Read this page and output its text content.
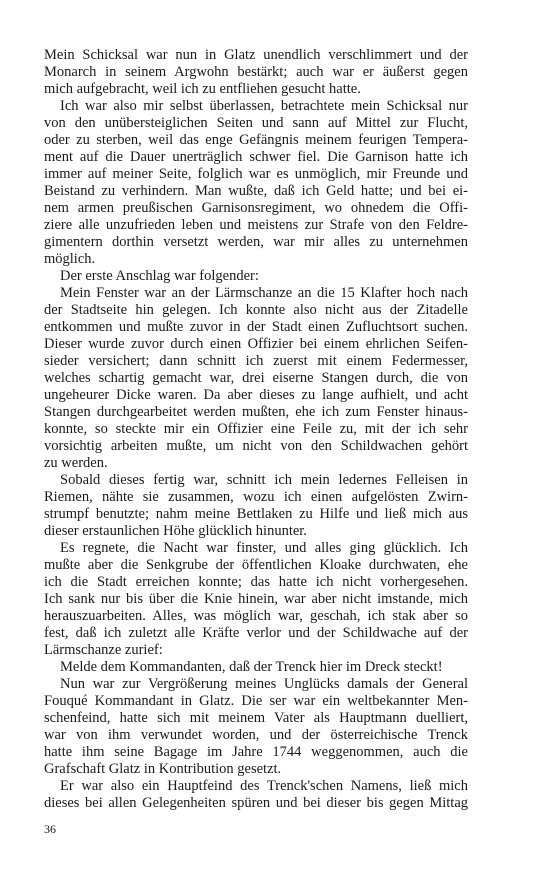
Mein Schicksal war nun in Glatz unendlich verschlimmert und der
Monarch in seinem Argwohn bestärkt; auch war er äußerst gegen
mich aufgebracht, weil ich zu entfliehen gesucht hatte.
Ich war also mir selbst überlassen, betrachtete mein Schicksal nur
von den unübersteiglichen Seiten und sann auf Mittel zur Flucht,
oder zu sterben, weil das enge Gefängnis meinem feurigen Tempera-
ment auf die Dauer unerträglich schwer fiel. Die Garnison hatte ich
immer auf meiner Seite, folglich war es unmöglich, mir Freunde und
Beistand zu verhindern. Man wußte, daß ich Geld hatte; und bei ei-
nem armen preußischen Garnisonsregiment, wo ohnedem die Offi-
ziere alle unzufrieden leben und meistens zur Strafe von den Feldre-
gimentern dorthin versetzt werden, war mir alles zu unternehmen
möglich.
Der erste Anschlag war folgender:
Mein Fenster war an der Lärmschanze an die 15 Klafter hoch nach
der Stadtseite hin gelegen. Ich konnte also nicht aus der Zitadelle
entkommen und mußte zuvor in der Stadt einen Zufluchtsort suchen.
Dieser wurde zuvor durch einen Offizier bei einem ehrlichen Seifen-
sieder versichert; dann schnitt ich zuerst mit einem Federmesser,
welches schartig gemacht war, drei eiserne Stangen durch, die von
ungeheurer Dicke waren. Da aber dieses zu lange aufhielt, und acht
Stangen durchgearbeitet werden mußten, ehe ich zum Fenster hinaus-
konnte, so steckte mir ein Offizier eine Feile zu, mit der ich sehr
vorsichtig arbeiten mußte, um nicht von den Schildwachen gehört
zu werden.
Sobald dieses fertig war, schnitt ich mein ledernes Felleisen in
Riemen, nähte sie zusammen, wozu ich einen aufgelösten Zwirn-
strumpf benutzte; nahm meine Bettlaken zu Hilfe und ließ mich aus
dieser erstaunlichen Höhe glücklich hinunter.
Es regnete, die Nacht war finster, und alles ging glücklich. Ich
mußte aber die Senkgrube der öffentlichen Kloake durchwaten, ehe
ich die Stadt erreichen konnte; das hatte ich nicht vorhergesehen.
Ich sank nur bis über die Knie hinein, war aber nicht imstande, mich
herauszuarbeiten. Alles, was möglich war, geschah, ich stak aber so
fest, daß ich zuletzt alle Kräfte verlor und der Schildwache auf der
Lärmschanze zurief:
Melde dem Kommandanten, daß der Trenck hier im Dreck steckt!
Nun war zur Vergrößerung meines Unglücks damals der General
Fouqué Kommandant in Glatz. Die ser war ein weltbekannter Men-
schenfeind, hatte sich mit meinem Vater als Hauptmann duelliert,
war von ihm verwundet worden, und der österreichische Trenck
hatte ihm seine Bagage im Jahre 1744 weggenommen, auch die
Grafschaft Glatz in Kontribution gesetzt.
Er war also ein Hauptfeind des Trenck'schen Namens, ließ mich
dieses bei allen Gelegenheiten spüren und bei dieser bis gegen Mittag
36
